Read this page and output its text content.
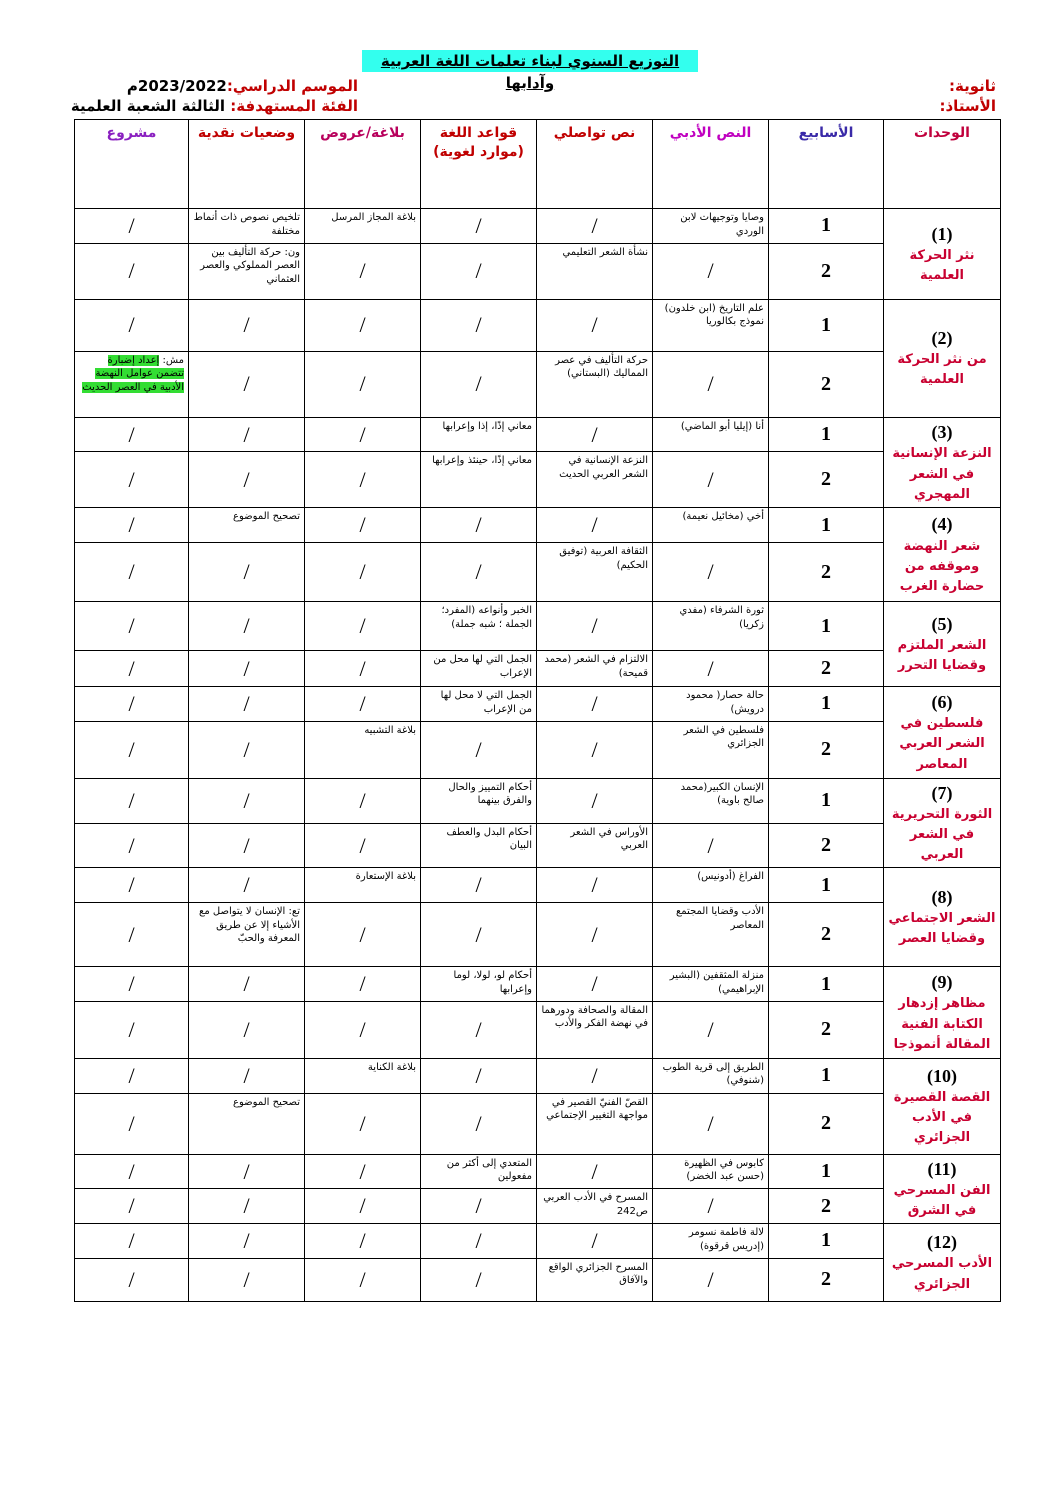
التوزيع السنوي لبناء تعلمات اللغة العربية وآدابها	ثانوية:
الأستاذ:
الموسم الدراسي:2023/2022م
الفئة المستهدفة: الثالثة الشعبة العلمية
الوحدات	الأسابيع	النص الأدبي	نص تواصلي	قواعد اللغة
(موارد لغوية)	بلاغة/عروض	وضعيات نقدية	مشروع

(1)
نثر الحركة العلمية	1	وصايا وتوجيهات لابن الوردي	/	/	بلاغة المجاز المرسل	تلخيص نصوص ذات أنماط مختلفة	/
	2	/	نشأة الشعر التعليمي	/	/	ون: حركة التأليف بين العصر المملوكي والعصر العثماني	/

(2)
من نثر الحركة العلمية	1	علم التاريخ (ابن خلدون) نموذج بكالوريا	/	/	/	/	/
	2	/	حركة التأليف في عصر المماليك (البستاني)	/	/	/	مش: إعداد إضبارة تتضمن عوامل النهضة الأدبية في العصر الحديث

(3)
النزعة الإنسانية في الشعر المهجري	1	أنا (إيليا أبو الماضي)	/	معاني إذًا، إذا وإعرابها	/	/	/
	2	/	النزعة الإنسانية في الشعر العربي الحديث	معاني إذًا، حينئذ وإعرابها	/	/	/

(4)
شعر النهضة وموقفه من حضارة الغرب	1	أخي (مخائيل نعيمة)	/	/	/	تصحيح الموضوع	/
	2	/	الثقافة العربية (توفيق الحكيم)	/	/	/	/

(5)
الشعر الملتزم وقضايا التحرر	1	ثورة الشرفاء (مفدي زكريا)	/	الخبر وأنواعه (المفرد؛ الجملة ؛ شبه جملة)	/	/	/
	2	/	الالتزام في الشعر (محمد قميحة)	الجمل التي لها محل من الإعراب	/	/	/

(6)
فلسطين في الشعر العربي المعاصر	1	حالة حصار( محمود درويش)	/	الجمل التي لا محل لها من الإعراب	/	/	/
	2	فلسطين في الشعر الجزائري	/	/	بلاغة التشبيه	/	/

(7)
الثورة التحريرية في الشعر العربي	1	الإنسان الكبير(محمد صالح باوية)	/	أحكام التمييز والحال والفرق بينهما	/	/	/
	2	/	الأوراس في الشعر العربي	أحكام البدل والعطف البيان	/	/	/

(8)
الشعر الاجتماعي وقضايا العصر	1	الفراغ (أدونيس)	/	/	بلاغة الإستعارة	/	/
	2	الأدب وقضايا المجتمع المعاصر	/	/	/	تع: الإنسان لا يتواصل مع الأشياء إلا عن طريق المعرفة والحبّ	/

(9)
مظاهر إزدهار الكتابة الفنية المقالة أنموذجا	1	منزلة المثقفين (البشير الإبراهيمي)	/	أحكام لو، لولا، لوما وإعرابها	/	/	/
	2	/	المقالة والصحافة ودورهما في نهضة الفكر والأدب	/	/	/	/

(10)
القصة القصيرة في الأدب الجزائري	1	الطريق إلى قرية الطوب (شنوفي)	/	/	بلاغة الكناية	/	/
	2	/	القصّ الفنيّ القصير في مواجهة التغيير الإجتماعي	/	/	تصحيح الموضوع	/

(11)
الفن المسرحي في الشرق	1	كابوس في الظهيرة (حسن عبد الخضر)	/	المتعدي إلى أكثر من مفعولين	/	/	/
	2	/	المسرح في الأدب العربي ص242	/	/	/	/

(12)
الأدب المسرحي الجزائري	1	لالة فاطمة نسومر (إدريس قرقوة)	/	/	/	/	/
	2	/	المسرح الجزائري الواقع والآفاق	/	/	/	/
